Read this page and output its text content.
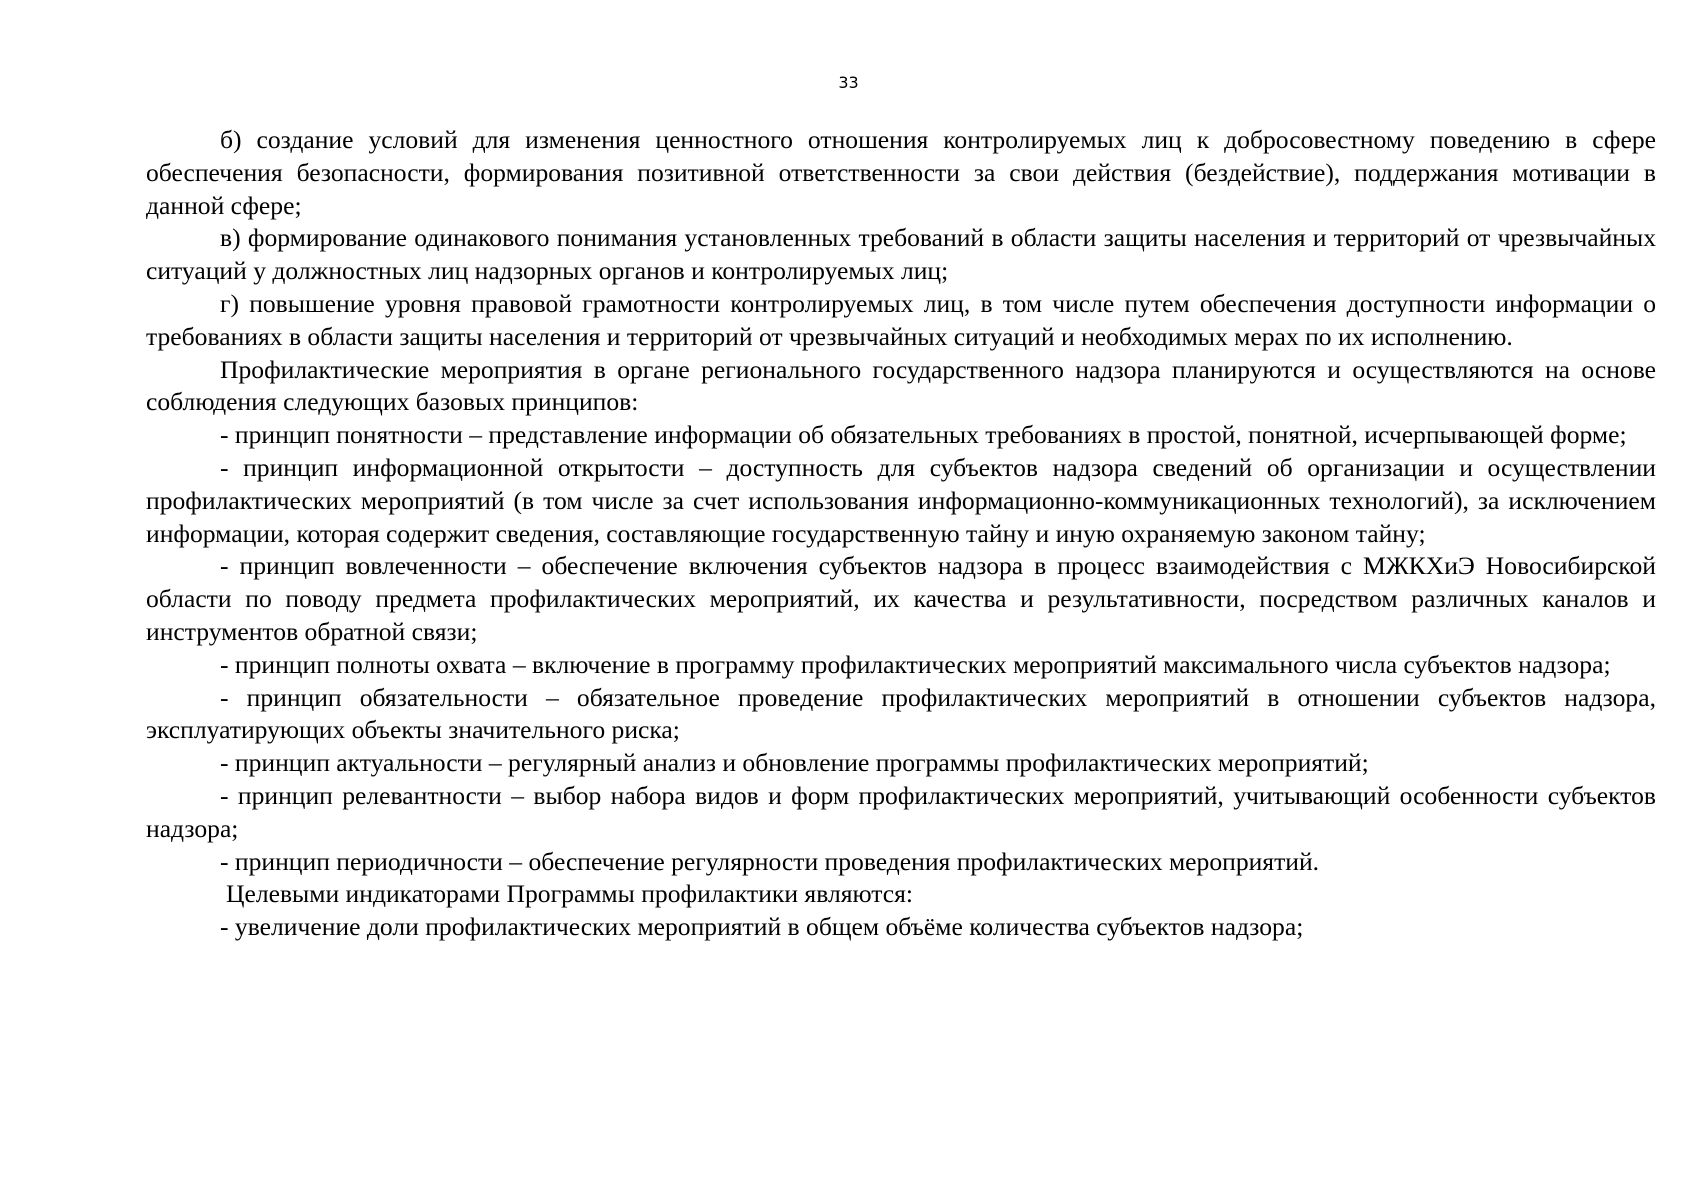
33

б) создание условий для изменения ценностного отношения контролируемых лиц к добросовестному поведению в сфере обеспечения безопасности, формирования позитивной ответственности за свои действия (бездействие), поддержания мотивации в данной сфере;

в) формирование одинакового понимания установленных требований в области защиты населения и территорий от чрезвычайных ситуаций у должностных лиц надзорных органов и контролируемых лиц;

г) повышение уровня правовой грамотности контролируемых лиц, в том числе путем обеспечения доступности информации о требованиях в области защиты населения и территорий от чрезвычайных ситуаций и необходимых мерах по их исполнению.

Профилактические мероприятия в органе регионального государственного надзора планируются и осуществляются на основе соблюдения следующих базовых принципов:

- принцип понятности – представление информации об обязательных требованиях в простой, понятной, исчерпывающей форме;

- принцип информационной открытости – доступность для субъектов надзора сведений об организации и осуществлении профилактических мероприятий (в том числе за счет использования информационно-коммуникационных технологий), за исключением информации, которая содержит сведения, составляющие государственную тайну и иную охраняемую законом тайну;

- принцип вовлеченности – обеспечение включения субъектов надзора в процесс взаимодействия с МЖКХиЭ Новосибирской области по поводу предмета профилактических мероприятий, их качества и результативности, посредством различных каналов и инструментов обратной связи;

- принцип полноты охвата – включение в программу профилактических мероприятий максимального числа субъектов надзора;

- принцип обязательности – обязательное проведение профилактических мероприятий в отношении субъектов надзора, эксплуатирующих объекты значительного риска;

- принцип актуальности – регулярный анализ и обновление программы профилактических мероприятий;

- принцип релевантности – выбор набора видов и форм профилактических мероприятий, учитывающий особенности субъектов надзора;

- принцип периодичности – обеспечение регулярности проведения профилактических мероприятий.

Целевыми индикаторами Программы профилактики являются:

- увеличение доли профилактических мероприятий в общем объёме количества субъектов надзора;
